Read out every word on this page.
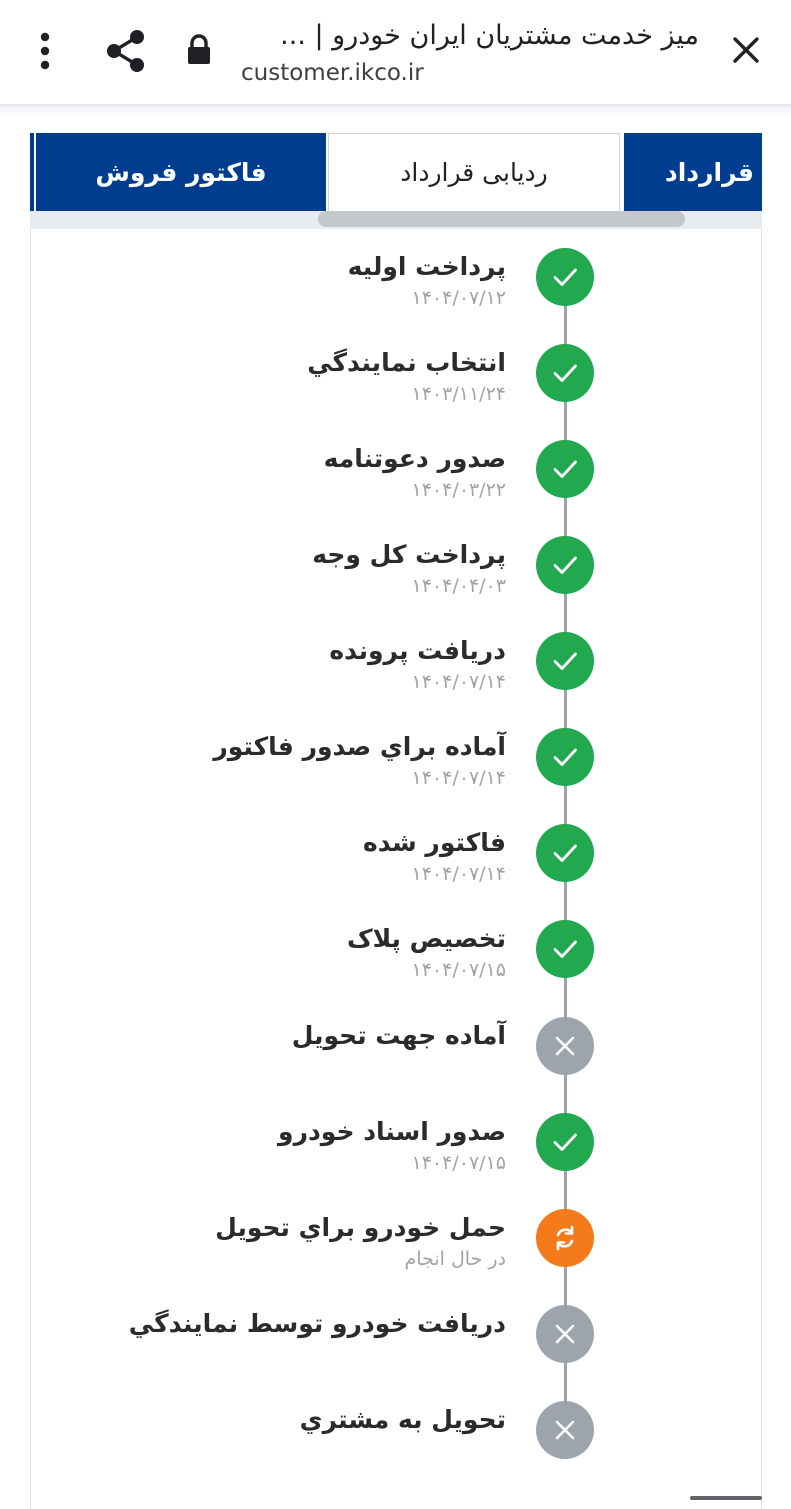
میز خدمت مشتریان ایران خودرو | ...
customer.ikco.ir
فاکتور فروش	ردیابی قرارداد	قرارداد
پرداخت اوليه
۱۴۰۴/۰۷/۱۲
انتخاب نمايندگي
۱۴۰۳/۱۱/۲۴
صدور دعوتنامه
۱۴۰۴/۰۳/۲۲
پرداخت کل وجه
۱۴۰۴/۰۴/۰۳
دريافت پرونده
۱۴۰۴/۰۷/۱۴
آماده براي صدور فاکتور
۱۴۰۴/۰۷/۱۴
فاکتور شده
۱۴۰۴/۰۷/۱۴
تخصيص پلاک
۱۴۰۴/۰۷/۱۵
آماده جهت تحويل
صدور اسناد خودرو
۱۴۰۴/۰۷/۱۵
حمل خودرو براي تحويل
در حال انجام
دريافت خودرو توسط نمايندگي
تحويل به مشتري
